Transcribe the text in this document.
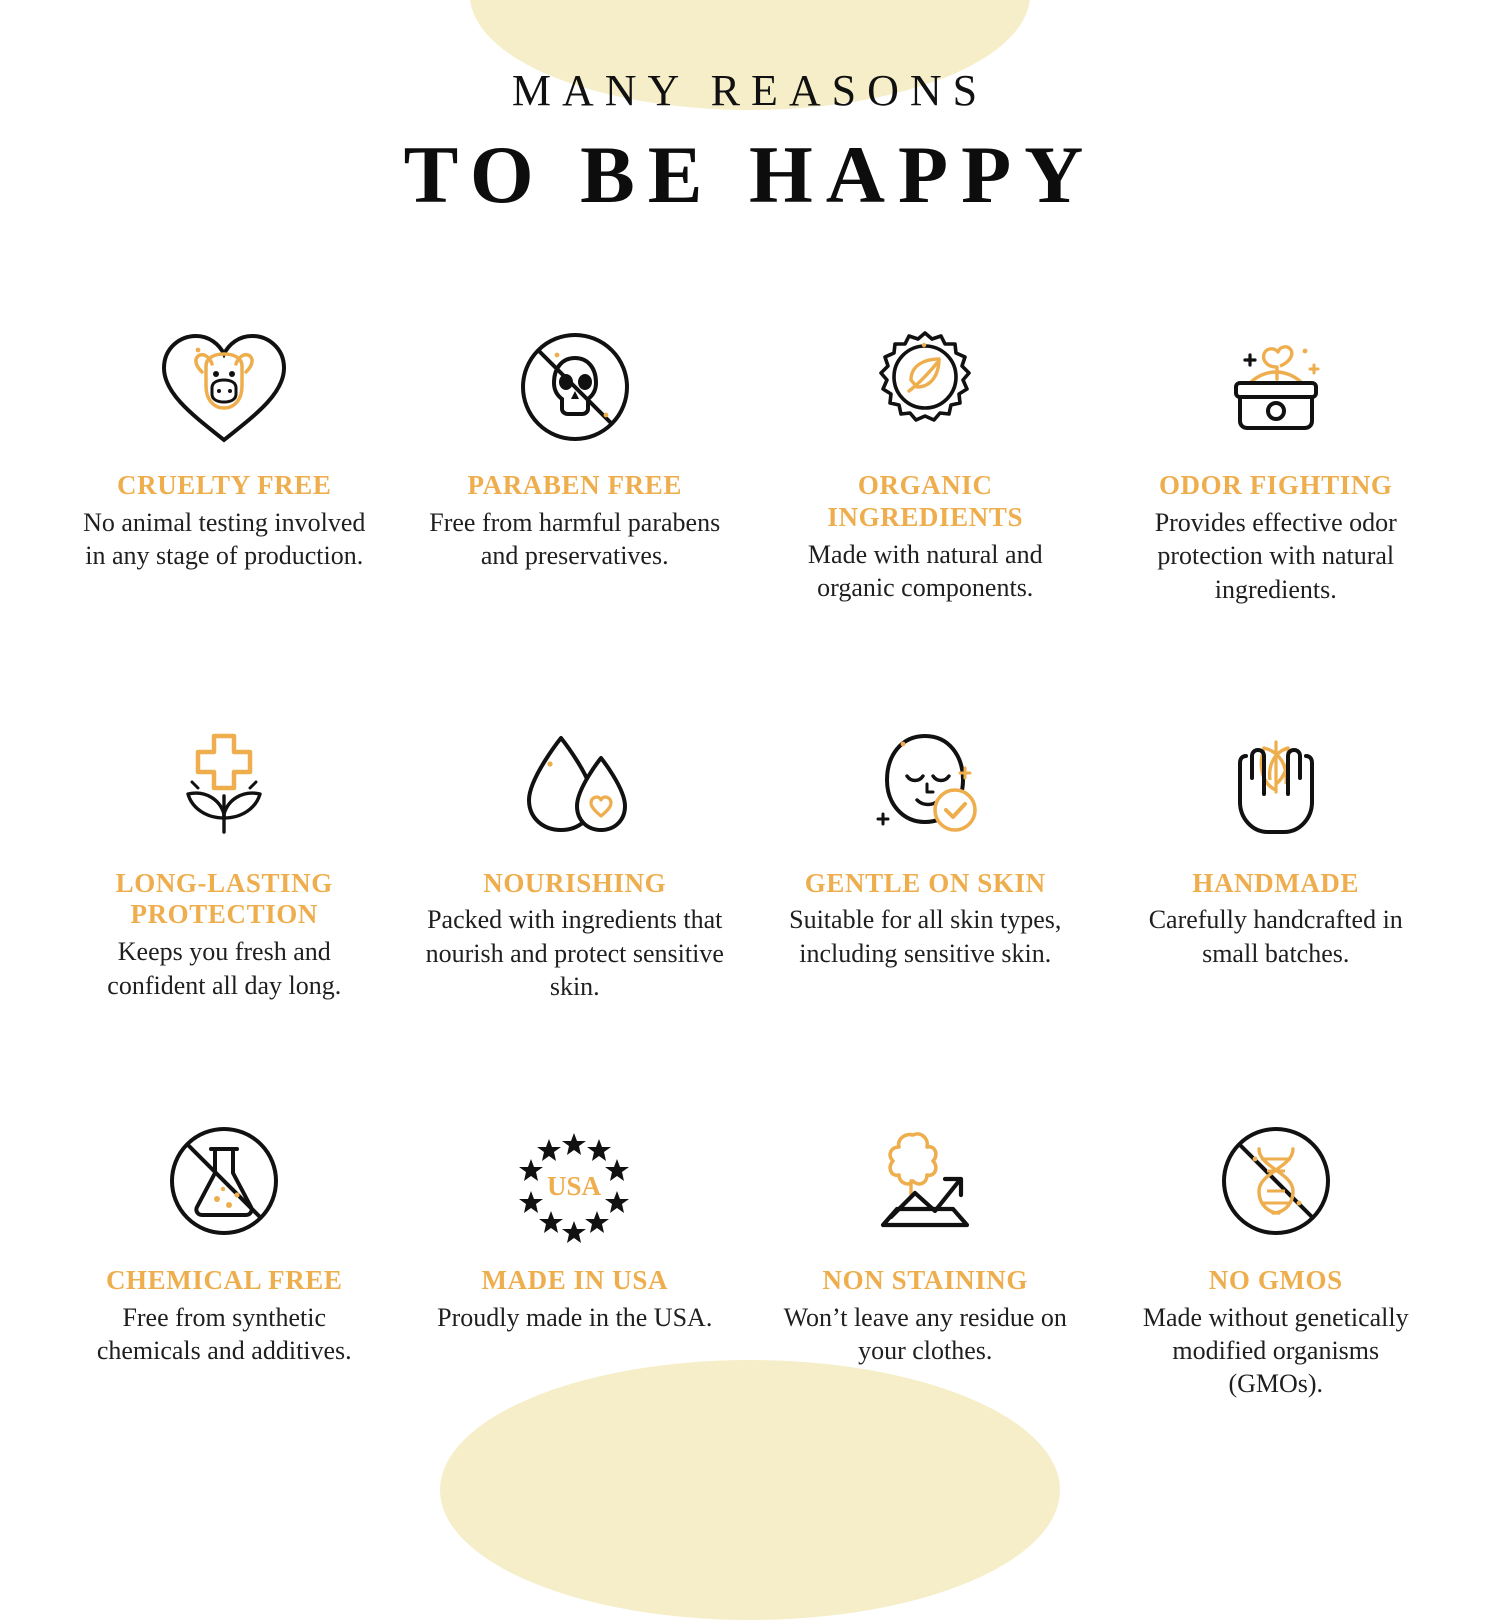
MANY REASONS
TO BE HAPPY
CRUELTY FREE
No animal testing involved in any stage of production.
PARABEN FREE
Free from harmful parabens and preservatives.
ORGANIC INGREDIENTS
Made with natural and organic components.
ODOR FIGHTING
Provides effective odor protection with natural ingredients.
LONG-LASTING PROTECTION
Keeps you fresh and confident all day long.
NOURISHING
Packed with ingredients that nourish and protect sensitive skin.
GENTLE ON SKIN
Suitable for all skin types, including sensitive skin.
HANDMADE
Carefully handcrafted in small batches.
CHEMICAL FREE
Free from synthetic chemicals and additives.
USA
MADE IN USA
Proudly made in the USA.
NON STAINING
Won’t leave any residue on your clothes.
NO GMOS
Made without genetically modified organisms (GMOs).
